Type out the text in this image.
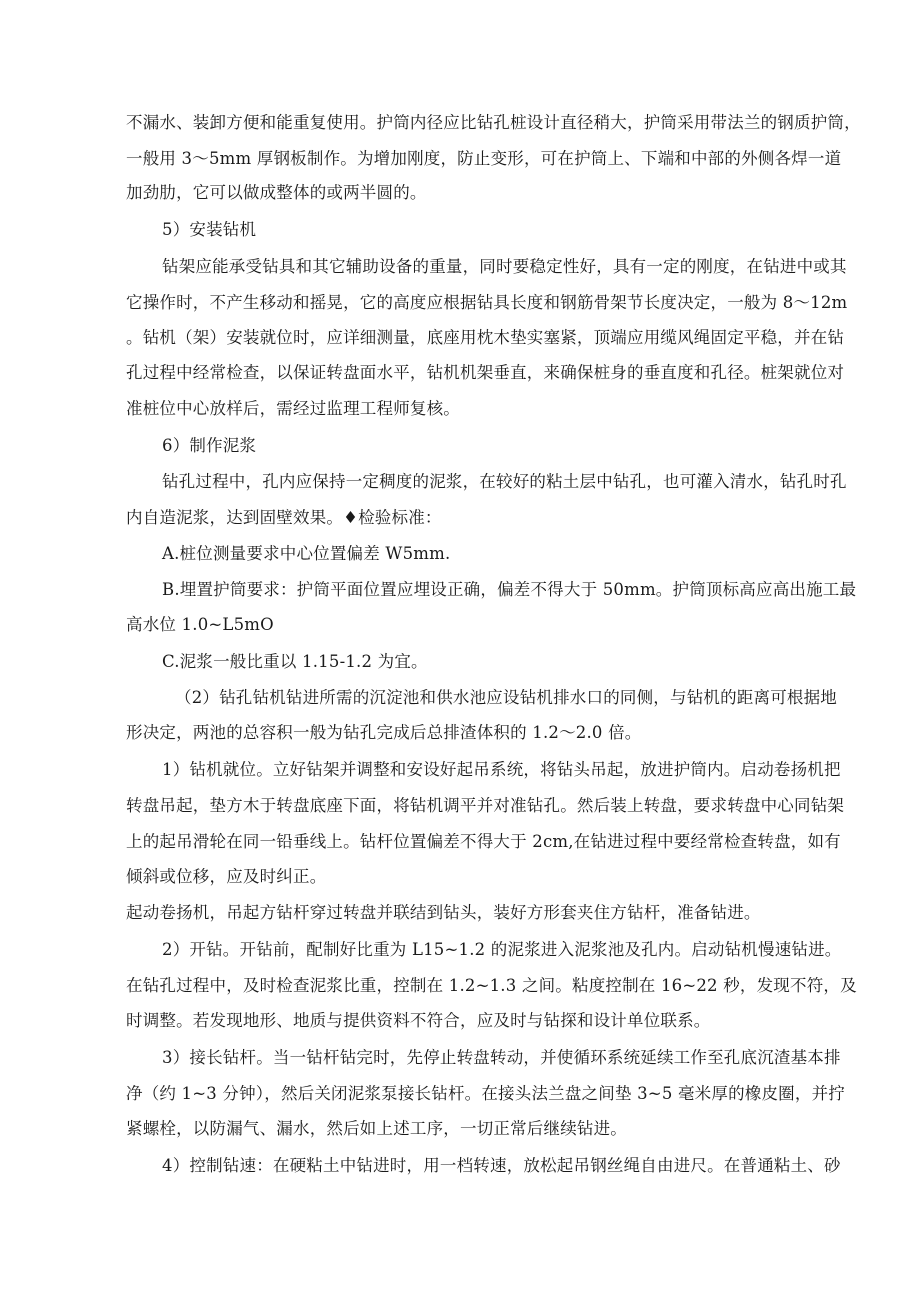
不漏水、装卸方便和能重复使用。护筒内径应比钻孔桩设计直径稍大，护筒采用带法兰的钢质护筒，
一般用 3～5mm 厚钢板制作。为增加刚度，防止变形，可在护筒上、下端和中部的外侧各焊一道
加劲肋，它可以做成整体的或两半圆的。
5）安装钻机
钻架应能承受钻具和其它辅助设备的重量，同时要稳定性好，具有一定的刚度，在钻进中或其
它操作时，不产生移动和摇晃，它的高度应根据钻具长度和钢筋骨架节长度决定，一般为 8～12m
。钻机（架）安装就位时，应详细测量，底座用枕木垫实塞紧，顶端应用缆风绳固定平稳，并在钻
孔过程中经常检查，以保证转盘面水平，钻机机架垂直，来确保桩身的垂直度和孔径。桩架就位对
准桩位中心放样后，需经过监理工程师复核。
6）制作泥浆
钻孔过程中，孔内应保持一定稠度的泥浆，在较好的粘土层中钻孔，也可灌入清水，钻孔时孔
内自造泥浆，达到固壁效果。♦检验标准：
A.桩位测量要求中心位置偏差 W5mm.
B.埋置护筒要求：护筒平面位置应埋设正确，偏差不得大于 50mm。护筒顶标高应高出施工最
高水位 1.0~L5mO
C.泥浆一般比重以 1.15-1.2 为宜。
（2）钻孔钻机钻进所需的沉淀池和供水池应设钻机排水口的同侧，与钻机的距离可根据地
形决定，两池的总容积一般为钻孔完成后总排渣体积的 1.2～2.0 倍。
1）钻机就位。立好钻架并调整和安设好起吊系统，将钻头吊起，放进护筒内。启动卷扬机把
转盘吊起，垫方木于转盘底座下面，将钻机调平并对准钻孔。然后装上转盘，要求转盘中心同钻架
上的起吊滑轮在同一铅垂线上。钻杆位置偏差不得大于 2cm,在钻进过程中要经常检查转盘，如有
倾斜或位移，应及时纠正。
起动卷扬机，吊起方钻杆穿过转盘并联结到钻头，装好方形套夹住方钻杆，准备钻进。
2）开钻。开钻前，配制好比重为 L15~1.2 的泥浆进入泥浆池及孔内。启动钻机慢速钻进。
在钻孔过程中，及时检查泥浆比重，控制在 1.2~1.3 之间。粘度控制在 16~22 秒，发现不符，及
时调整。若发现地形、地质与提供资料不符合，应及时与钻探和设计单位联系。
3）接长钻杆。当一钻杆钻完时，先停止转盘转动，并使循环系统延续工作至孔底沉渣基本排
净（约 1~3 分钟），然后关闭泥浆泵接长钻杆。在接头法兰盘之间垫 3~5 毫米厚的橡皮圈，并拧
紧螺栓，以防漏气、漏水，然后如上述工序，一切正常后继续钻进。
4）控制钻速：在硬粘土中钻进时，用一档转速，放松起吊钢丝绳自由进尺。在普通粘土、砂
